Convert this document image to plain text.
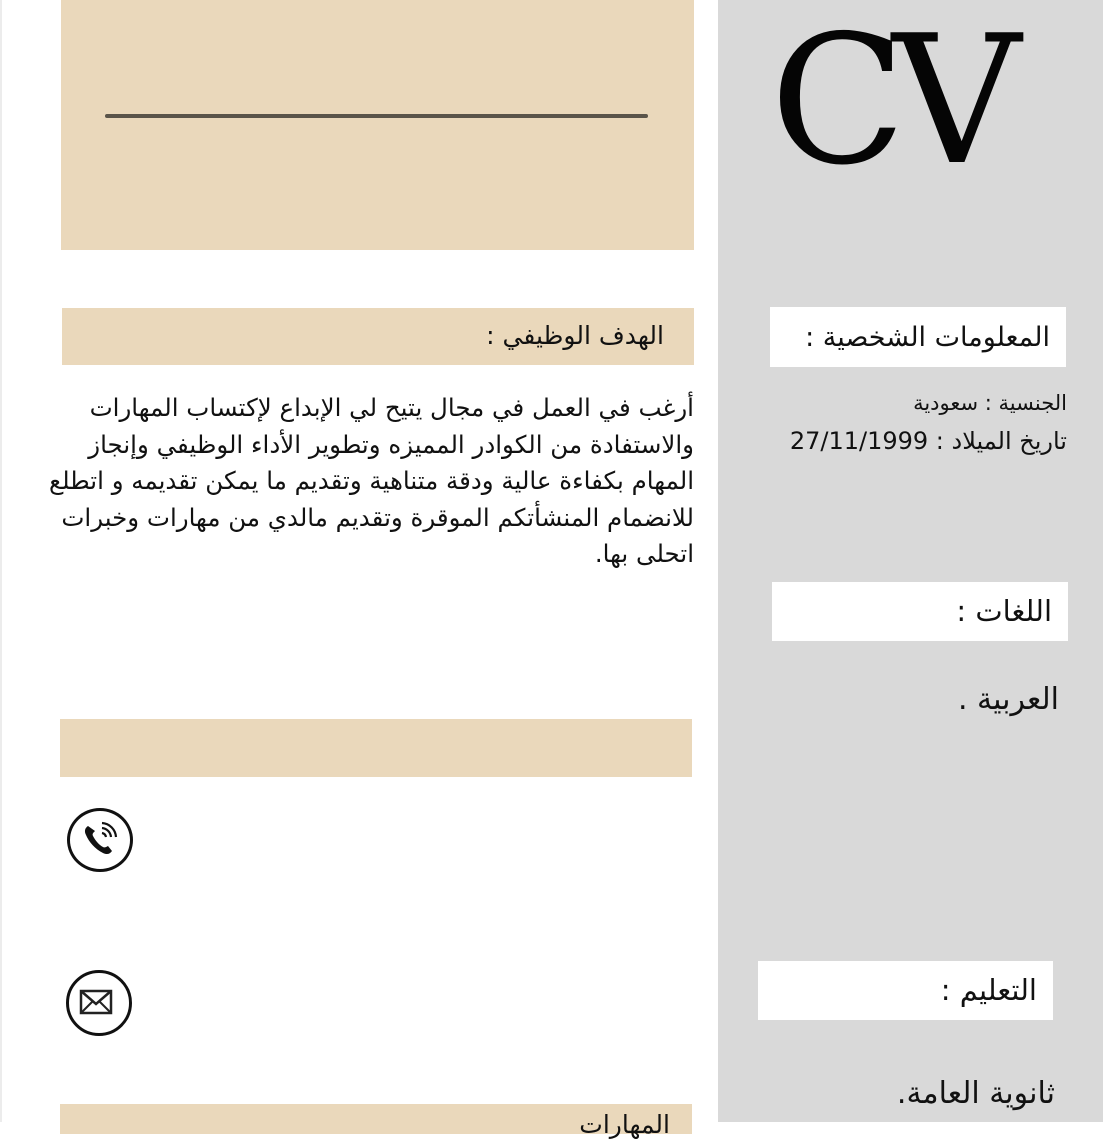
الهدف الوظيفي :

أرغب في العمل في مجال يتيح لي الإبداع لإكتساب المهارات والاستفادة من الكوادر المميزه وتطوير الأداء الوظيفي وإنجاز المهام بكفاءة عالية ودقة متناهية وتقديم ما يمكن تقديمه و اتطلع للانضمام المنشأتكم الموقرة وتقديم مالدي من مهارات وخبرات اتحلى بها.

المهارات
CV
المعلومات الشخصية :
الجنسية : سعودية
تاريخ الميلاد : 27/11/1999
اللغات :
العربية .
التعليم :
ثانوية العامة.
